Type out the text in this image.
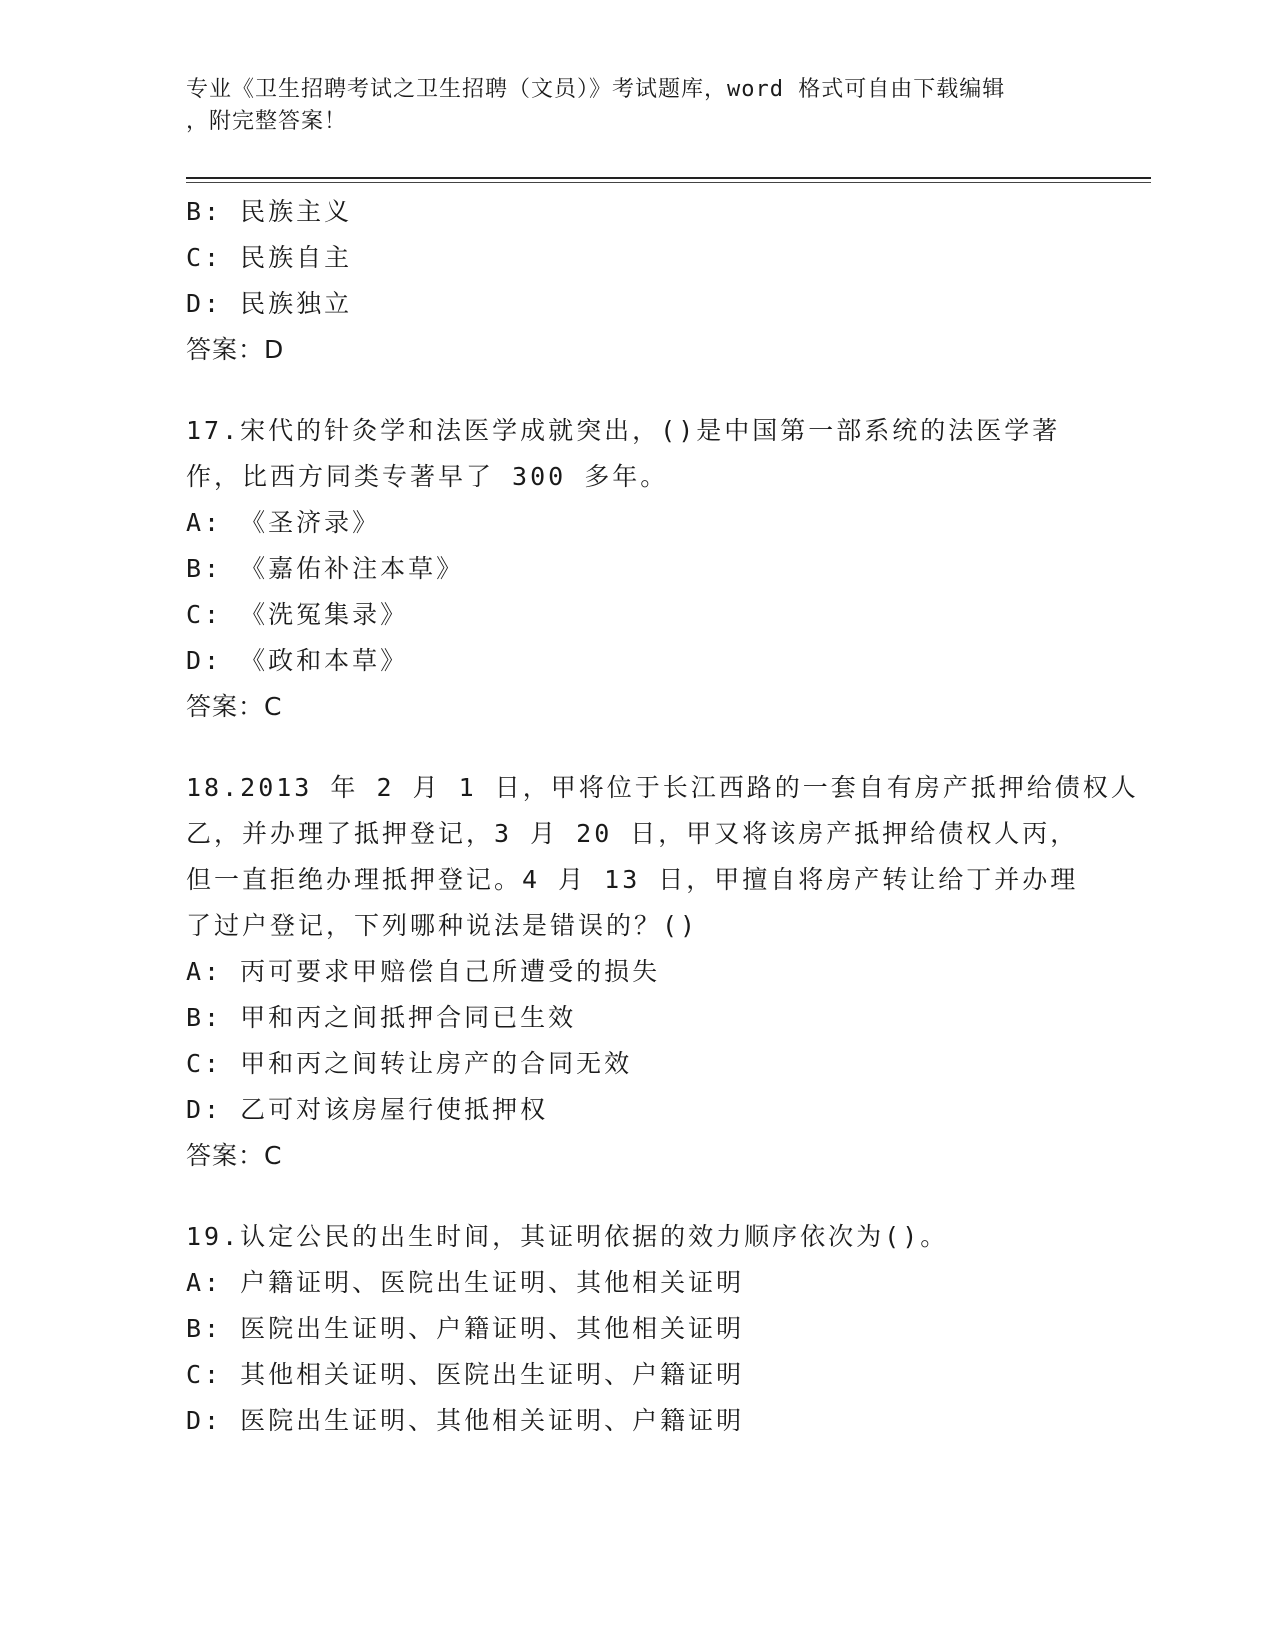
专业《卫生招聘考试之卫生招聘（文员）》考试题库，word 格式可自由下载编辑
，附完整答案！
B: 民族主义
C: 民族自主
D: 民族独立
答案：D
17.宋代的针灸学和法医学成就突出，()是中国第一部系统的法医学著
作，比西方同类专著早了 300 多年。
A: 《圣济录》
B: 《嘉佑补注本草》
C: 《洗冤集录》
D: 《政和本草》
答案：C
18.2013 年 2 月 1 日，甲将位于长江西路的一套自有房产抵押给债权人
乙，并办理了抵押登记，3 月 20 日，甲又将该房产抵押给债权人丙，
但一直拒绝办理抵押登记。4 月 13 日，甲擅自将房产转让给丁并办理
了过户登记，下列哪种说法是错误的？()
A: 丙可要求甲赔偿自己所遭受的损失
B: 甲和丙之间抵押合同已生效
C: 甲和丙之间转让房产的合同无效
D: 乙可对该房屋行使抵押权
答案：C
19.认定公民的出生时间，其证明依据的效力顺序依次为()。
A: 户籍证明、医院出生证明、其他相关证明
B: 医院出生证明、户籍证明、其他相关证明
C: 其他相关证明、医院出生证明、户籍证明
D: 医院出生证明、其他相关证明、户籍证明
